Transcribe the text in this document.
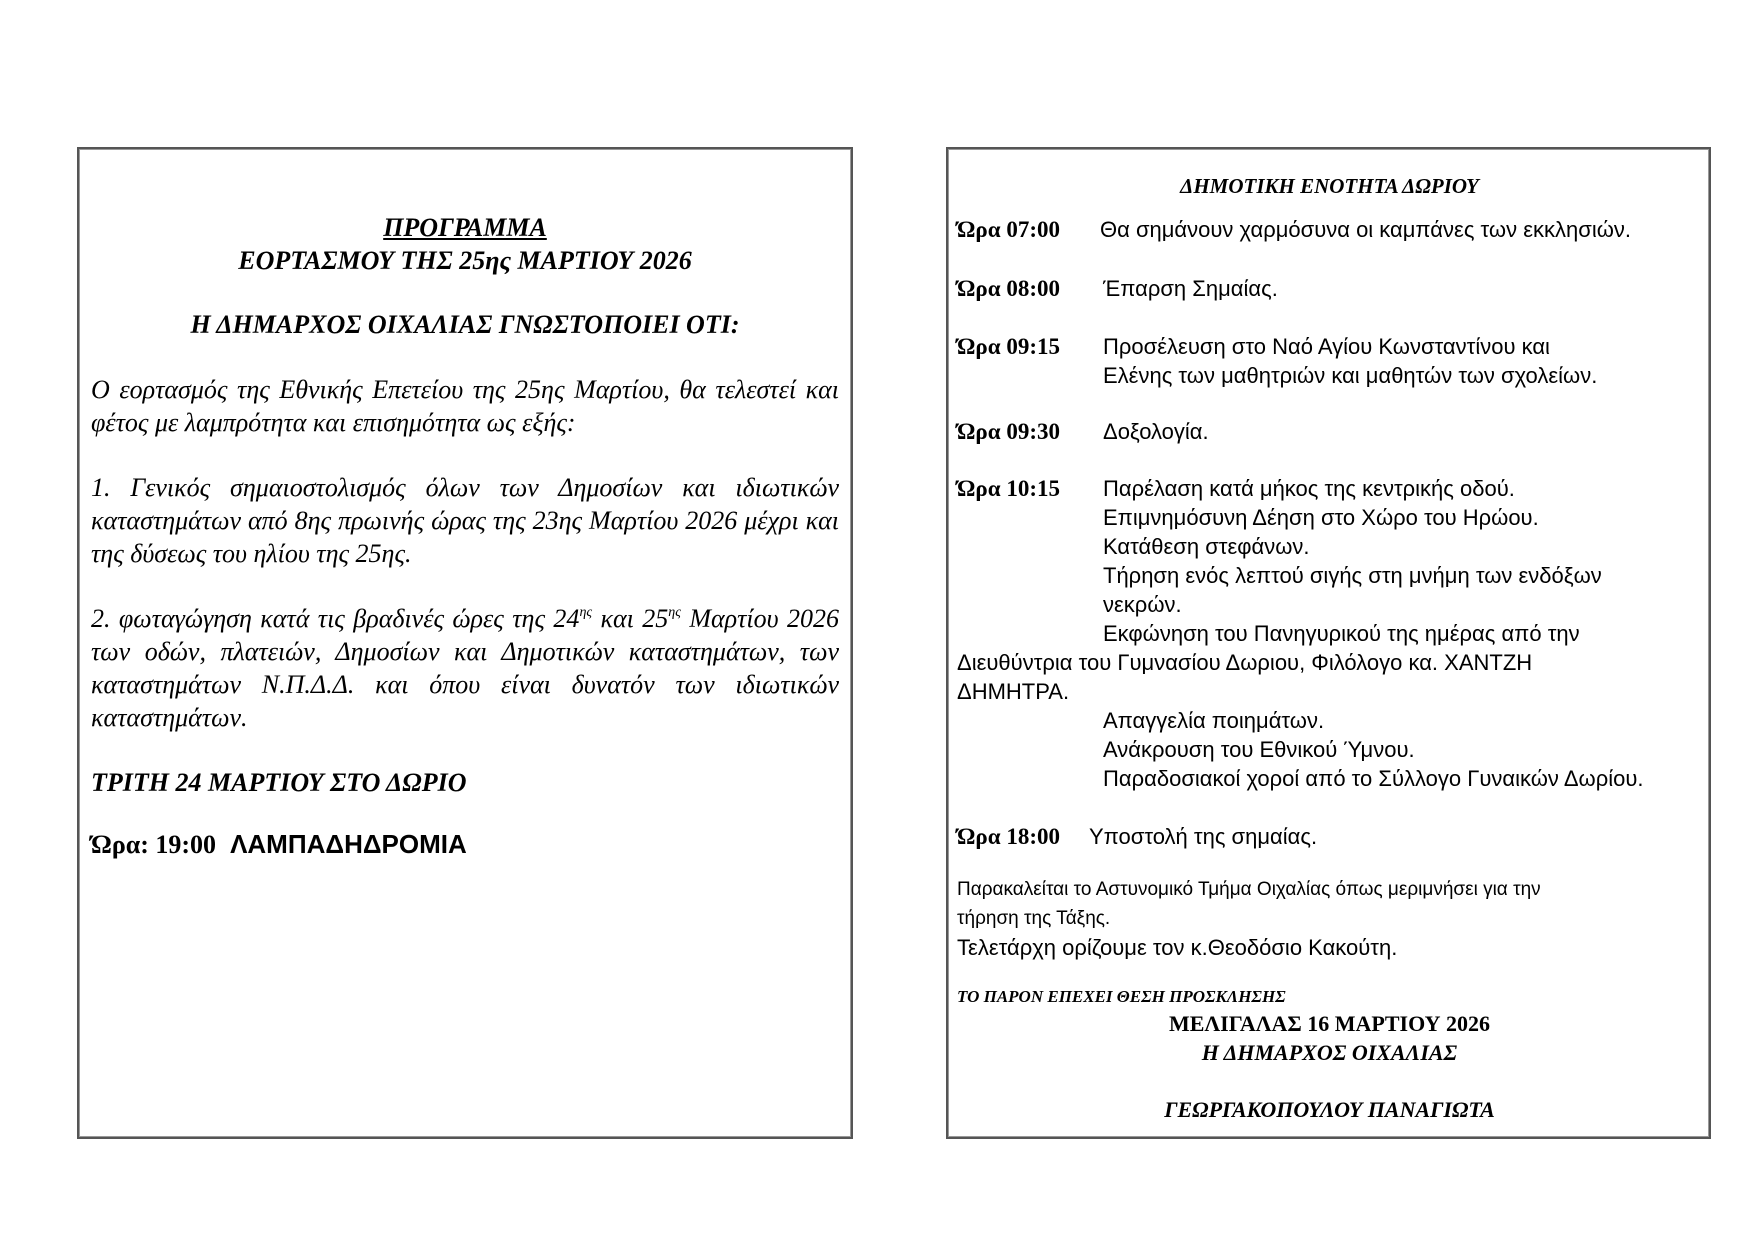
ΠΡΟΓΡΑΜΜΑ
ΕΟΡΤΑΣΜΟΥ ΤΗΣ 25ης ΜΑΡΤΙΟΥ 2026
Η ΔΗΜΑΡΧΟΣ ΟΙΧΑΛΙΑΣ ΓΝΩΣΤΟΠΟΙΕΙ ΟΤΙ:
Ο εορτασμός της Εθνικής Επετείου της 25ης Μαρτίου, θα τελεστεί και φέτος με λαμπρότητα και επισημότητα ως εξής:
1. Γενικός σημαιοστολισμός όλων των Δημοσίων και ιδιωτικών καταστημάτων από 8ης πρωινής ώρας της 23ης Μαρτίου 2026 μέχρι και της δύσεως του ηλίου της 25ης.
2. φωταγώγηση κατά τις βραδινές ώρες της $24^{\eta\varsigma}$ και $25^{\eta\varsigma}$ Μαρτίου 2026 των οδών, πλατειών, Δημοσίων και Δημοτικών καταστημάτων, των καταστημάτων Ν.Π.Δ.Δ. και όπου είναι δυνατόν των ιδιωτικών καταστημάτων.
ΤΡΙΤΗ 24 ΜΑΡΤΙΟΥ ΣΤΟ ΔΩΡΙΟ
Ώρα: 19:00 ΛΑΜΠΑΔΗΔΡΟΜΙΑ
ΔΗΜΟΤΙΚΗ ΕΝΟΤΗΤΑ ΔΩΡΙΟΥ
Ώρα 07:00 Θα σημάνουν χαρμόσυνα οι καμπάνες των εκκλησιών.
Ώρα 08:00 Έπαρση Σημαίας.
Ώρα 09:15 Προσέλευση στο Ναό Αγίου Κωνσταντίνου και
Ελένης των μαθητριών και μαθητών των σχολείων.
Ώρα 09:30 Δοξολογία.
Ώρα 10:15 Παρέλαση κατά μήκος της κεντρικής οδού.
Επιμνημόσυνη Δέηση στο Χώρο του Ηρώου.
Κατάθεση στεφάνων.
Τήρηση ενός λεπτού σιγής στη μνήμη των ενδόξων
νεκρών.
Εκφώνηση του Πανηγυρικού της ημέρας από την
Διευθύντρια του Γυμνασίου Δωριου, Φιλόλογο κα. ΧΑΝΤΖΗ
ΔΗΜΗΤΡΑ.
Απαγγελία ποιημάτων.
Ανάκρουση του Εθνικού Ύμνου.
Παραδοσιακοί χοροί από το Σύλλογο Γυναικών Δωρίου.
Ώρα 18:00 Υποστολή της σημαίας.
Παρακαλείται το Αστυνομικό Τμήμα Οιχαλίας όπως μεριμνήσει για την
τήρηση της Τάξης.
Τελετάρχη ορίζουμε τον κ.Θεοδόσιο Κακούτη.
ΤΟ ΠΑΡΟΝ ΕΠΕΧΕΙ ΘΕΣΗ ΠΡΟΣΚΛΗΣΗΣ
ΜΕΛΙΓΑΛΑΣ 16 ΜΑΡΤΙΟΥ 2026
Η ΔΗΜΑΡΧΟΣ ΟΙΧΑΛΙΑΣ
ΓΕΩΡΓΑΚΟΠΟΥΛΟΥ ΠΑΝΑΓΙΩΤΑ
